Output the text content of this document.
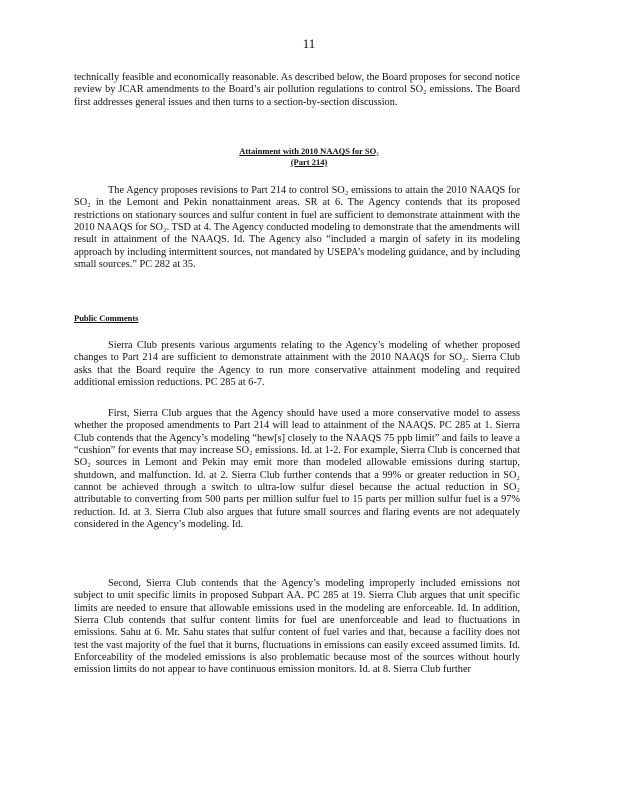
11
technically feasible and economically reasonable. As described below, the Board proposes for second notice review by JCAR amendments to the Board’s air pollution regulations to control SO₂ emissions. The Board first addresses general issues and then turns to a section-by-section discussion.
Attainment with 2010 NAAQS for SO₂
(Part 214)
The Agency proposes revisions to Part 214 to control SO₂ emissions to attain the 2010 NAAQS for SO₂ in the Lemont and Pekin nonattainment areas. SR at 6. The Agency contends that its proposed restrictions on stationary sources and sulfur content in fuel are sufficient to demonstrate attainment with the 2010 NAAQS for SO₂. TSD at 4. The Agency conducted modeling to demonstrate that the amendments will result in attainment of the NAAQS. Id. The Agency also “included a margin of safety in its modeling approach by including intermittent sources, not mandated by USEPA’s modeling guidance, and by including small sources.” PC 282 at 35.
Public Comments
Sierra Club presents various arguments relating to the Agency’s modeling of whether proposed changes to Part 214 are sufficient to demonstrate attainment with the 2010 NAAQS for SO₂. Sierra Club asks that the Board require the Agency to run more conservative attainment modeling and required additional emission reductions. PC 285 at 6-7.
First, Sierra Club argues that the Agency should have used a more conservative model to assess whether the proposed amendments to Part 214 will lead to attainment of the NAAQS. PC 285 at 1. Sierra Club contends that the Agency’s modeling “hew[s] closely to the NAAQS 75 ppb limit” and fails to leave a “cushion” for events that may increase SO₂ emissions. Id. at 1-2. For example, Sierra Club is concerned that SO₂ sources in Lemont and Pekin may emit more than modeled allowable emissions during startup, shutdown, and malfunction. Id. at 2. Sierra Club further contends that a 99% or greater reduction in SO₂ cannot be achieved through a switch to ultra-low sulfur diesel because the actual reduction in SO₂ attributable to converting from 500 parts per million sulfur fuel to 15 parts per million sulfur fuel is a 97% reduction. Id. at 3. Sierra Club also argues that future small sources and flaring events are not adequately considered in the Agency’s modeling. Id.
Second, Sierra Club contends that the Agency’s modeling improperly included emissions not subject to unit specific limits in proposed Subpart AA. PC 285 at 19. Sierra Club argues that unit specific limits are needed to ensure that allowable emissions used in the modeling are enforceable. Id. In addition, Sierra Club contends that sulfur content limits for fuel are unenforceable and lead to fluctuations in emissions. Sahu at 6. Mr. Sahu states that sulfur content of fuel varies and that, because a facility does not test the vast majority of the fuel that it burns, fluctuations in emissions can easily exceed assumed limits. Id. Enforceability of the modeled emissions is also problematic because most of the sources without hourly emission limits do not appear to have continuous emission monitors. Id. at 8. Sierra Club further
